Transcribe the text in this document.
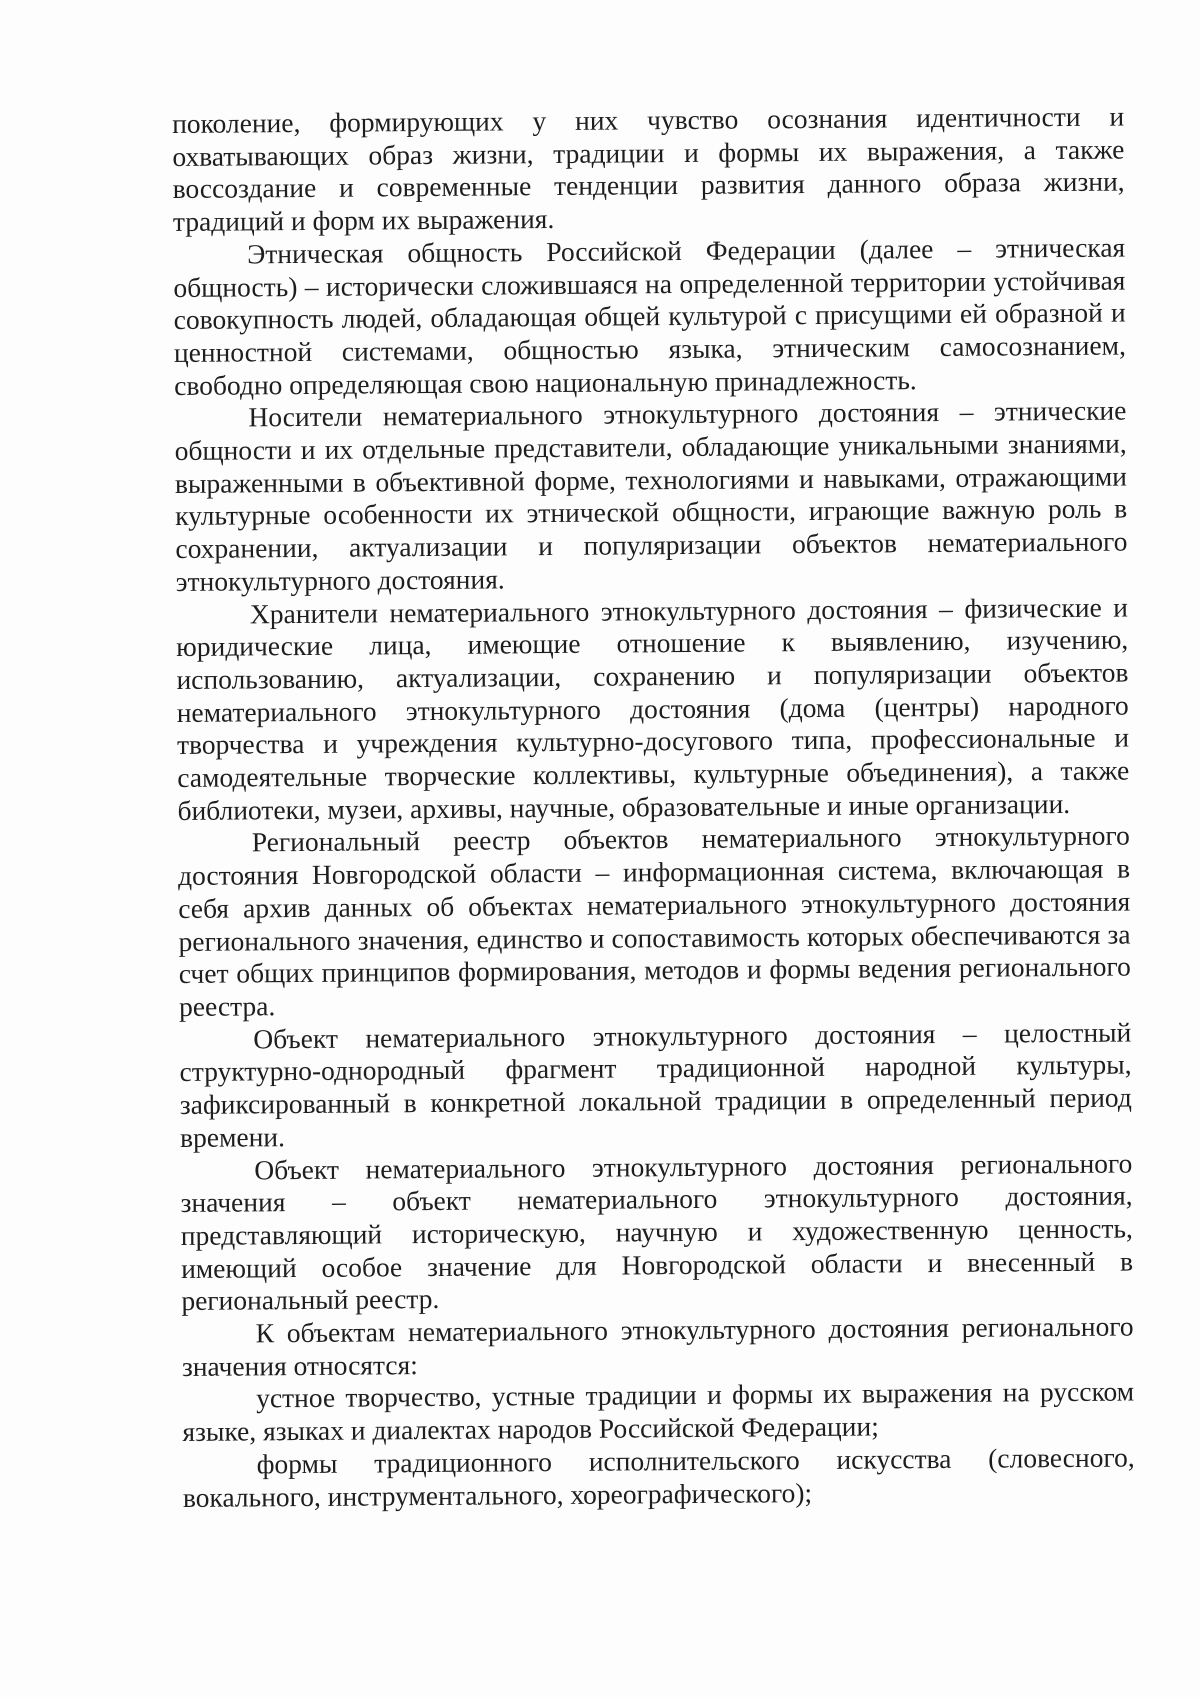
поколение, формирующих у них чувство осознания идентичности и охватывающих образ жизни, традиции и формы их выражения, а также воссоздание и современные тенденции развития данного образа жизни, традиций и форм их выражения.

Этническая общность Российской Федерации (далее – этническая общность) – исторически сложившаяся на определенной территории устойчивая совокупность людей, обладающая общей культурой с присущими ей образной и ценностной системами, общностью языка, этническим самосознанием, свободно определяющая свою национальную принадлежность.

Носители нематериального этнокультурного достояния – этнические общности и их отдельные представители, обладающие уникальными знаниями, выраженными в объективной форме, технологиями и навыками, отражающими культурные особенности их этнической общности, играющие важную роль в сохранении, актуализации и популяризации объектов нематериального этнокультурного достояния.

Хранители нематериального этнокультурного достояния – физические и юридические лица, имеющие отношение к выявлению, изучению, использованию, актуализации, сохранению и популяризации объектов нематериального этнокультурного достояния (дома (центры) народного творчества и учреждения культурно-досугового типа, профессиональные и самодеятельные творческие коллективы, культурные объединения), а также библиотеки, музеи, архивы, научные, образовательные и иные организации.

Региональный реестр объектов нематериального этнокультурного достояния Новгородской области – информационная система, включающая в себя архив данных об объектах нематериального этнокультурного достояния регионального значения, единство и сопоставимость которых обеспечиваются за счет общих принципов формирования, методов и формы ведения регионального реестра.

Объект нематериального этнокультурного достояния – целостный структурно-однородный фрагмент традиционной народной культуры, зафиксированный в конкретной локальной традиции в определенный период времени.

Объект нематериального этнокультурного достояния регионального значения – объект нематериального этнокультурного достояния, представляющий историческую, научную и художественную ценность, имеющий особое значение для Новгородской области и внесенный в региональный реестр.

К объектам нематериального этнокультурного достояния регионального значения относятся:

устное творчество, устные традиции и формы их выражения на русском языке, языках и диалектах народов Российской Федерации;

формы традиционного исполнительского искусства (словесного, вокального, инструментального, хореографического);
